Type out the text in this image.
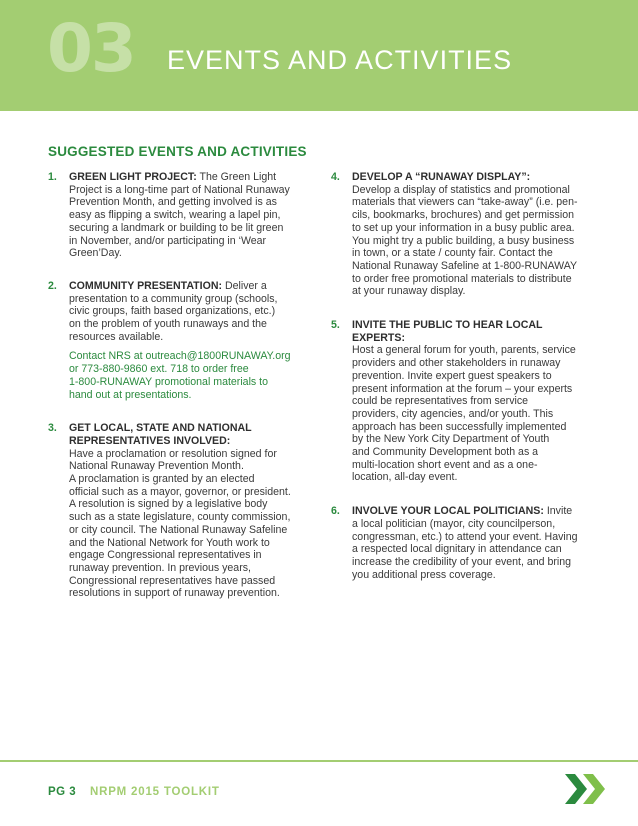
03 EVENTS AND ACTIVITIES
SUGGESTED EVENTS AND ACTIVITIES
1. GREEN LIGHT PROJECT: The Green Light
Project is a long-time part of National Runaway
Prevention Month, and getting involved is as
easy as flipping a switch, wearing a lapel pin,
securing a landmark or building to be lit green
in November, and/or participating in ‘Wear
Green’Day.
2. COMMUNITY PRESENTATION: Deliver a
presentation to a community group (schools,
civic groups, faith based organizations, etc.)
on the problem of youth runaways and the
resources available.
Contact NRS at outreach@1800RUNAWAY.org
or 773-880-9860 ext. 718 to order free
1-800-RUNAWAY promotional materials to
hand out at presentations.
3. GET LOCAL, STATE AND NATIONAL
REPRESENTATIVES INVOLVED:
Have a proclamation or resolution signed for
National Runaway Prevention Month.
A proclamation is granted by an elected
official such as a mayor, governor, or president.
A resolution is signed by a legislative body
such as a state legislature, county commission,
or city council. The National Runaway Safeline
and the National Network for Youth work to
engage Congressional representatives in
runaway prevention. In previous years,
Congressional representatives have passed
resolutions in support of runaway prevention.
4. DEVELOP A “RUNAWAY DISPLAY”:
Develop a display of statistics and promotional
materials that viewers can “take-away” (i.e. pen-
cils, bookmarks, brochures) and get permission
to set up your information in a busy public area.
You might try a public building, a busy business
in town, or a state / county fair. Contact the
National Runaway Safeline at 1-800-RUNAWAY
to order free promotional materials to distribute
at your runaway display.
5. INVITE THE PUBLIC TO HEAR LOCAL EXPERTS:
Host a general forum for youth, parents, service
providers and other stakeholders in runaway
prevention. Invite expert guest speakers to
present information at the forum – your experts
could be representatives from service
providers, city agencies, and/or youth. This
approach has been successfully implemented
by the New York City Department of Youth
and Community Development both as a
multi-location short event and as a one-
location, all-day event.
6. INVOLVE YOUR LOCAL POLITICIANS: Invite
a local politician (mayor, city councilperson,
congressman, etc.) to attend your event. Having
a respected local dignitary in attendance can
increase the credibility of your event, and bring
you additional press coverage.
PG 3 NRPM 2015 TOOLKIT
